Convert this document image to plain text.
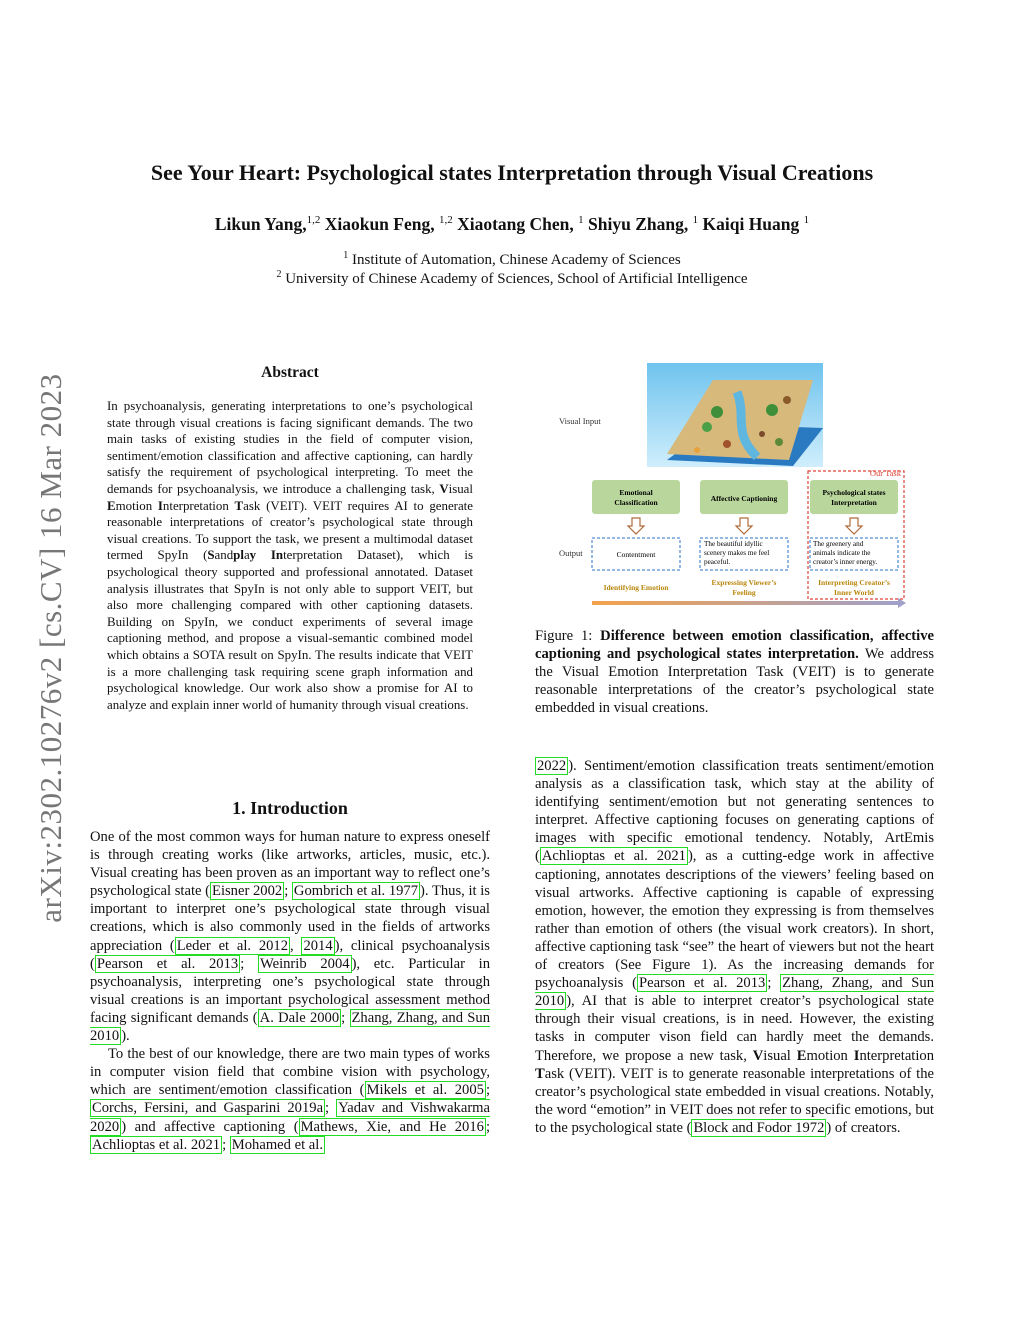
arXiv:2302.10276v2 [cs.CV] 16 Mar 2023
See Your Heart: Psychological states Interpretation through Visual Creations
Likun Yang,$^{1,2}$ Xiaokun Feng, $^{1,2}$ Xiaotang Chen, $^1$ Shiyu Zhang, $^1$ Kaiqi Huang $^1$
$^1$ Institute of Automation, Chinese Academy of Sciences
$^2$ University of Chinese Academy of Sciences, School of Artificial Intelligence
Abstract
In psychoanalysis, generating interpretations to one’s psychological state through visual creations is facing significant demands. The two main tasks of existing studies in the field of computer vision, sentiment/emotion classification and affective captioning, can hardly satisfy the requirement of psychological interpreting. To meet the demands for psychoanalysis, we introduce a challenging task, Visual Emotion Interpretation Task (VEIT). VEIT requires AI to generate reasonable interpretations of creator’s psychological state through visual creations. To support the task, we present a multimodal dataset termed SpyIn (Sandplay Interpretation Dataset), which is psychological theory supported and professional annotated. Dataset analysis illustrates that SpyIn is not only able to support VEIT, but also more challenging compared with other captioning datasets. Building on SpyIn, we conduct experiments of several image captioning method, and propose a visual-semantic combined model which obtains a SOTA result on SpyIn. The results indicate that VEIT is a more challenging task requiring scene graph information and psychological knowledge. Our work also show a promise for AI to analyze and explain inner world of humanity through visual creations.
1. Introduction

One of the most common ways for human nature to express oneself is through creating works (like artworks, articles, music, etc.). Visual creating has been proven as an important way to reflect one’s psychological state ( Eisner 2002 ; Gombrich et al. 1977 ). Thus, it is important to interpret one’s psychological state through visual creations, which is also commonly used in the fields of artworks appreciation ( Leder et al. 2012 , 2014 ), clinical psychoanalysis ( Pearson et al. 2013 ; Weinrib 2004 ), etc. Particular in psychoanalysis, interpreting one’s psychological state through visual creations is an important psychological assessment method facing significant demands ( A. Dale 2000 ; Zhang, Zhang, and Sun 2010 ).

To the best of our knowledge, there are two main types of works in computer vision field that combine vision with psychology, which are sentiment/emotion classification ( Mikels et al. 2005 ; Corchs, Fersini, and Gasparini 2019a ; Yadav and Vishwakarma 2020 ) and affective captioning ( Mathews, Xie, and He 2016 ; Achlioptas et al. 2021 ; Mohamed et al.

Visual Input
Our Task
Emotional Classification	Affective Captioning
Psychological states Interpretation
Output	Contentment
The beautiful idyllic scenery makes me feel peaceful.
The greenery and animals indicate the creator’s inner energy.
Identifying Emotion
Expressing Viewer’s Feeling
Interpreting Creator’s Inner World
Figure 1: Difference between emotion classification, affective captioning and psychological states interpretation. We address the Visual Emotion Interpretation Task (VEIT) is to generate reasonable interpretations of the creator’s psychological state embedded in visual creations.

2022 ). Sentiment/emotion classification treats sentiment/emotion analysis as a classification task, which stay at the ability of identifying sentiment/emotion but not generating sentences to interpret. Affective captioning focuses on generating captions of images with specific emotional tendency. Notably, ArtEmis ( Achlioptas et al. 2021 ), as a cutting-edge work in affective captioning, annotates descriptions of the viewers’ feeling based on visual artworks. Affective captioning is capable of expressing emotion, however, the emotion they expressing is from themselves rather than emotion of others (the visual work creators). In short, affective captioning task “see” the heart of viewers but not the heart of creators (See Figure 1). As the increasing demands for psychoanalysis ( Pearson et al. 2013 ; Zhang, Zhang, and Sun 2010 ), AI that is able to interpret creator’s psychological state through their visual creations, is in need. However, the existing tasks in computer vison field can hardly meet the demands. Therefore, we propose a new task, Visual Emotion Interpretation Task (VEIT). VEIT is to generate reasonable interpretations of the creator’s psychological state embedded in visual creations. Notably, the word “emotion” in VEIT does not refer to specific emotions, but to the psychological state ( Block and Fodor 1972 ) of creators.
